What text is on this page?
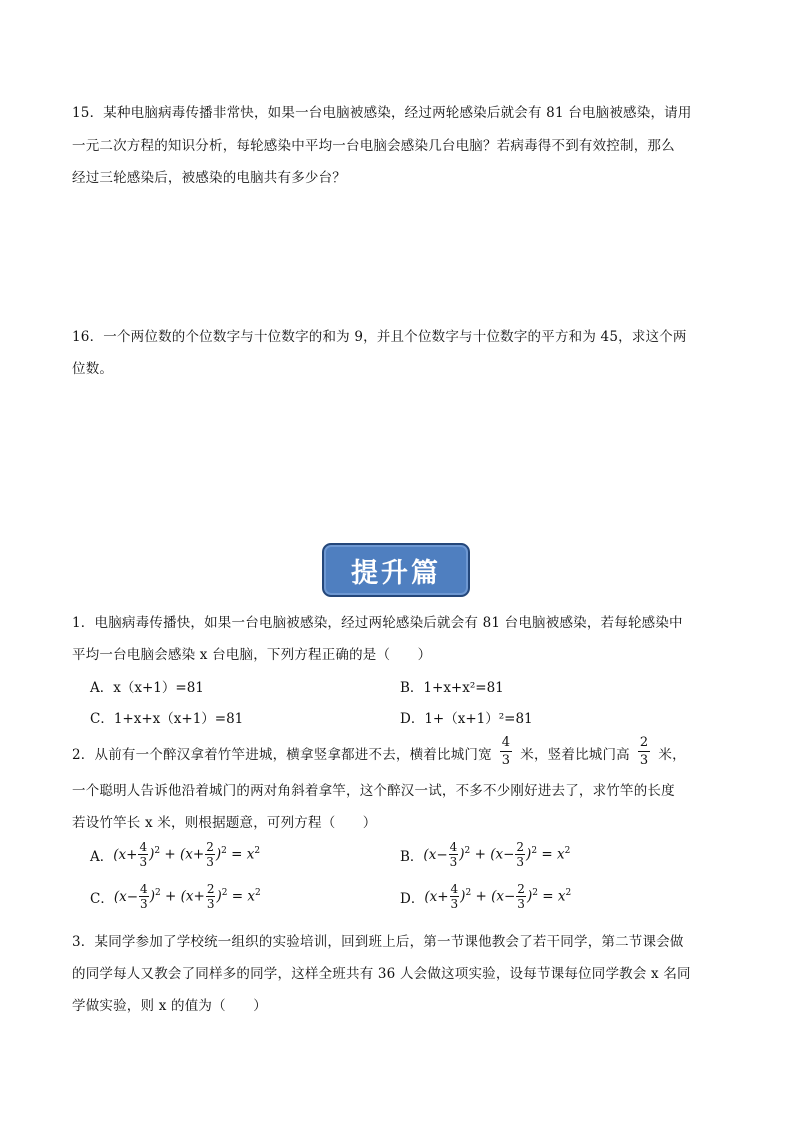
15．某种电脑病毒传播非常快，如果一台电脑被感染，经过两轮感染后就会有 81 台电脑被感染，请用
一元二次方程的知识分析，每轮感染中平均一台电脑会感染几台电脑？若病毒得不到有效控制，那么
经过三轮感染后，被感染的电脑共有多少台？
16．一个两位数的个位数字与十位数字的和为 9，并且个位数字与十位数字的平方和为 45，求这个两
位数。
提升篇
1．电脑病毒传播快，如果一台电脑被感染，经过两轮感染后就会有 81 台电脑被感染，若每轮感染中
平均一台电脑会感染 x 台电脑，下列方程正确的是（　　）
A．x（x+1）=81	B．1+x+x²=81
C．1+x+x（x+1）=81	D．1+（x+1）²=81
2．从前有一个醉汉拿着竹竿进城，横拿竖拿都进不去，横着比城门宽 $\frac{4}{3}$ 米，竖着比城门高 $\frac{2}{3}$ 米，
一个聪明人告诉他沿着城门的两对角斜着拿竿，这个醉汉一试，不多不少刚好进去了，求竹竿的长度
若设竹竿长 x 米，则根据题意，可列方程（　　）
A． $(x+ \frac{4}{3} )^2 + (x+ \frac{2}{3} )^2 = x^2$	B． $(x- \frac{4}{3} )^2 + (x- \frac{2}{3} )^2 = x^2$
C． $(x- \frac{4}{3} )^2 + (x+ \frac{2}{3} )^2 = x^2$	D． $(x+ \frac{4}{3} )^2 + (x- \frac{2}{3} )^2 = x^2$
3．某同学参加了学校统一组织的实验培训，回到班上后，第一节课他教会了若干同学，第二节课会做
的同学每人又教会了同样多的同学，这样全班共有 36 人会做这项实验，设每节课每位同学教会 x 名同
学做实验，则 x 的值为（　　）
